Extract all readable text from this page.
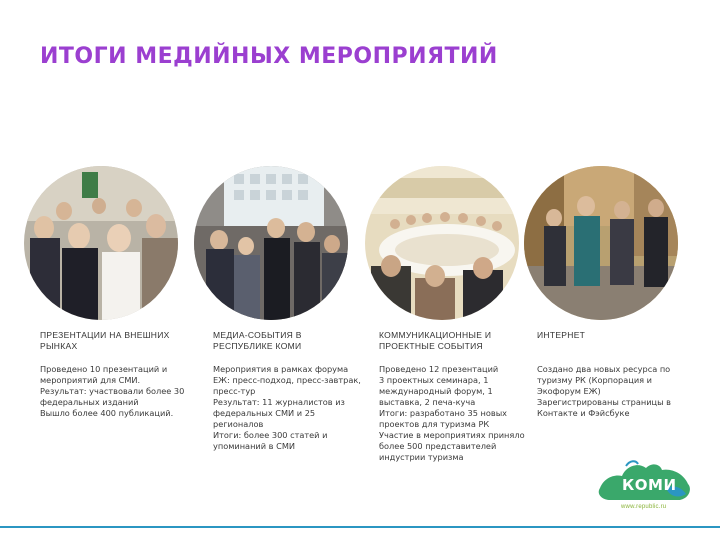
ИТОГИ МЕДИЙНЫХ МЕРОПРИЯТИЙ
ПРЕЗЕНТАЦИИ НА ВНЕШНИХ РЫНКАХ
Проведено 10 презентаций и мероприятий для СМИ.
Результат: участвовали более 30 федеральных изданий
Вышло более 400 публикаций.
МЕДИА-СОБЫТИЯ В РЕСПУБЛИКЕ КОМИ
Мероприятия в рамках форума ЕЖ: пресс-подход, пресс-завтрак, пресс-тур
Результат: 11 журналистов из федеральных СМИ и 25 регионалов
Итоги: более 300 статей и упоминаний в СМИ
КОММУНИКАЦИОННЫЕ И ПРОЕКТНЫЕ СОБЫТИЯ
Проведено 12 презентаций
3 проектных семинара, 1 международный форум, 1 выставка, 2 печа-куча
Итоги: разработано 35 новых проектов для туризма РК
Участие в мероприятиях приняло более 500 представителей индустрии туризма
ИНТЕРНЕТ
Создано два новых ресурса по туризму РК (Корпорация и Экофорум ЕЖ)
Зарегистрированы страницы в Контакте и Фэйсбуке
КОМИ
www.republic.ru
